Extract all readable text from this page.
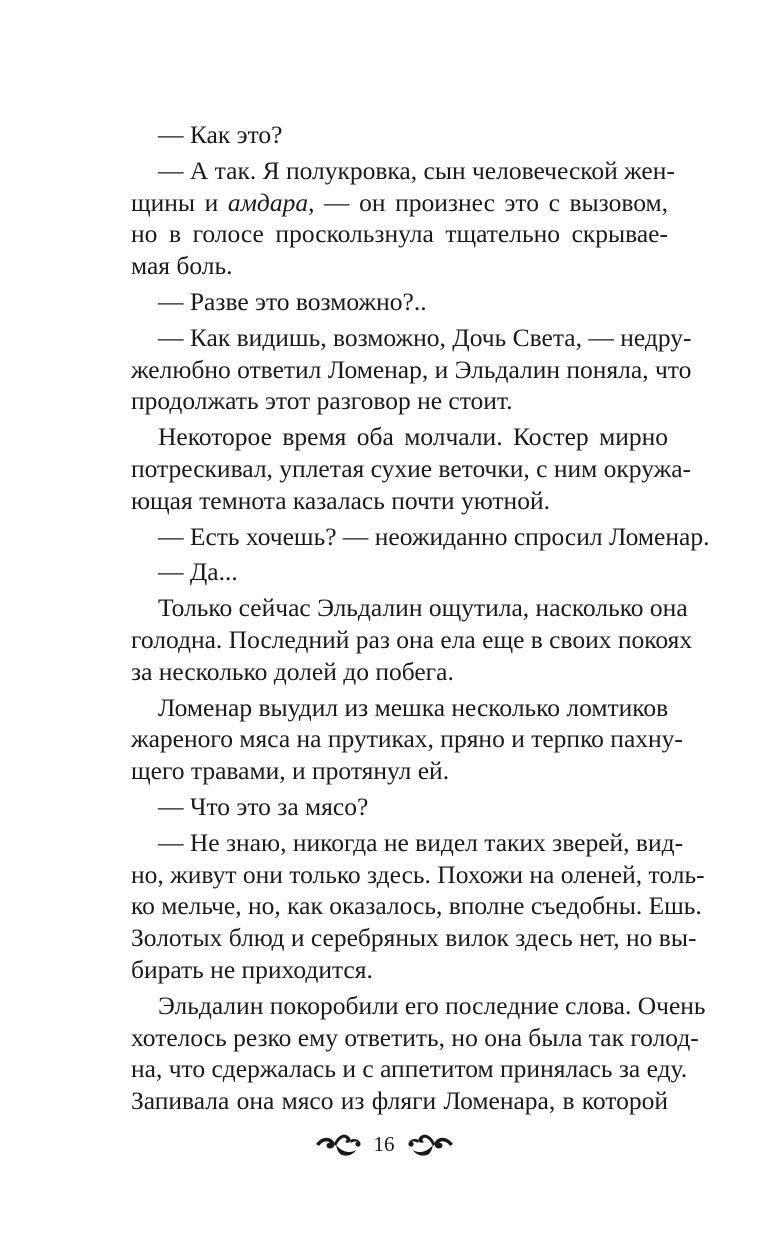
— Как это?
— А так. Я полукровка, сын человеческой жен-
щины и амдара, — он произнес это с вызовом,
но в голосе проскользнула тщательно скрывае-
мая боль.
— Разве это возможно?..
— Как видишь, возможно, Дочь Света, — недру-
желюбно ответил Ломенар, и Эльдалин поняла, что
продолжать этот разговор не стоит.
Некоторое время оба молчали. Костер мирно
потрескивал, уплетая сухие веточки, с ним окружа-
ющая темнота казалась почти уютной.
— Есть хочешь? — неожиданно спросил Ломенар.
— Да...
Только сейчас Эльдалин ощутила, насколько она
голодна. Последний раз она ела еще в своих покоях
за несколько долей до побега.
Ломенар выудил из мешка несколько ломтиков
жареного мяса на прутиках, пряно и терпко пахну-
щего травами, и протянул ей.
— Что это за мясо?
— Не знаю, никогда не видел таких зверей, вид-
но, живут они только здесь. Похожи на оленей, толь-
ко мельче, но, как оказалось, вполне съедобны. Ешь.
Золотых блюд и серебряных вилок здесь нет, но вы-
бирать не приходится.
Эльдалин покоробили его последние слова. Очень
хотелось резко ему ответить, но она была так голод-
на, что сдержалась и с аппетитом принялась за еду.
Запивала она мясо из фляги Ломенара, в которой
16
